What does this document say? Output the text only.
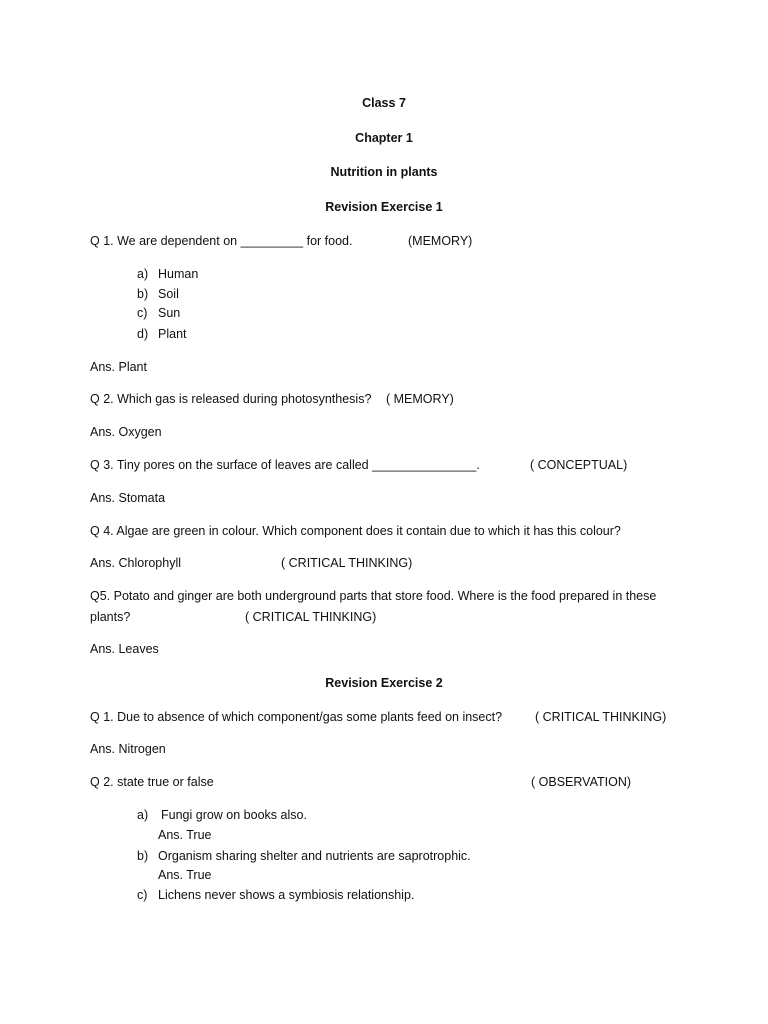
Class 7
Chapter 1
Nutrition in plants
Revision Exercise 1
Q 1. We are dependent on _________ for food.	(MEMORY)
a) Human
b) Soil
c) Sun
d) Plant
Ans. Plant
Q 2. Which gas is released during photosynthesis? ( MEMORY)
Ans. Oxygen
Q 3. Tiny pores on the surface of leaves are called _______________.	( CONCEPTUAL)
Ans. Stomata
Q 4. Algae are green in colour. Which component does it contain due to which it has this colour?
Ans. Chlorophyll	( CRITICAL THINKING)
Q5. Potato and ginger are both underground parts that store food. Where is the food prepared in these
plants?	( CRITICAL THINKING)
Ans. Leaves
Revision Exercise 2
Q 1. Due to absence of which component/gas some plants feed on insect?	( CRITICAL THINKING)
Ans. Nitrogen
Q 2. state true or false	( OBSERVATION)
a) Fungi grow on books also.
Ans. True
b) Organism sharing shelter and nutrients are saprotrophic.
Ans. True
c) Lichens never shows a symbiosis relationship.
